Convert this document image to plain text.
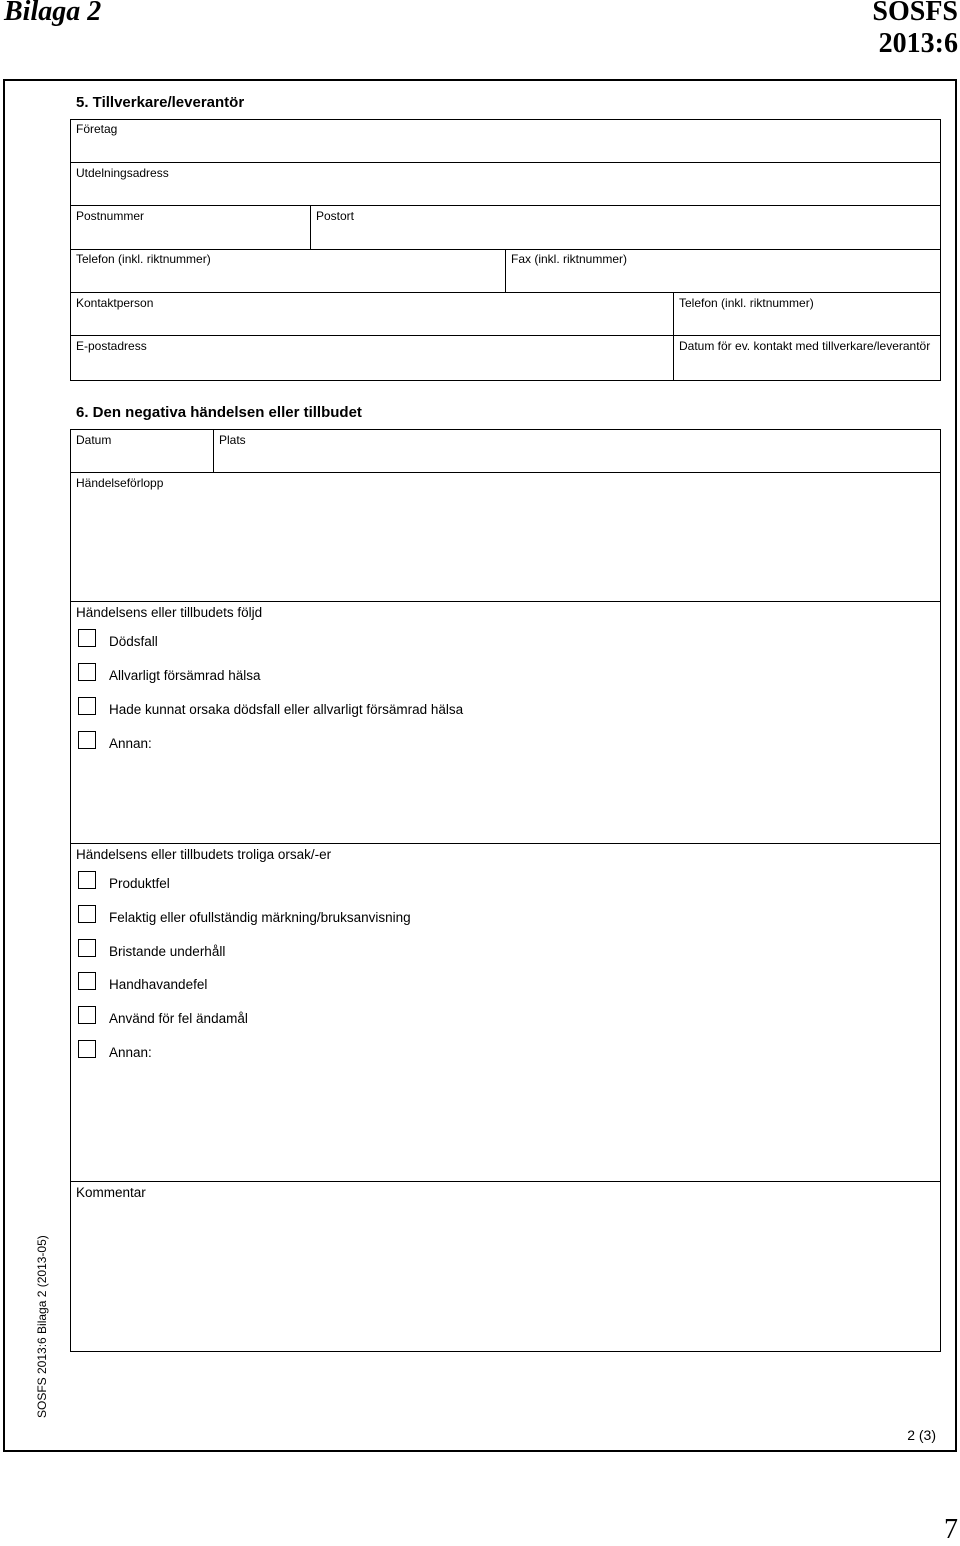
Bilaga 2	SOSFS
2013:6
5. Tillverkare/leverantör
Företag
Utdelningsadress
Postnummer	Postort
Telefon (inkl. riktnummer)	Fax (inkl. riktnummer)
Kontaktperson	Telefon (inkl. riktnummer)
E-postadress	Datum för ev. kontakt med tillverkare/leverantör
6. Den negativa händelsen eller tillbudet
Datum	Plats
Händelseförlopp
Händelsens eller tillbudets följd
Dödsfall
Allvarligt försämrad hälsa
Hade kunnat orsaka dödsfall eller allvarligt försämrad hälsa
Annan:
Händelsens eller tillbudets troliga orsak/-er
Produktfel
Felaktig eller ofullständig märkning/bruksanvisning
Bristande underhåll
Handhavandefel
Använd för fel ändamål
Annan:
Kommentar
SOSFS 2013:6 Bilaga 2 (2013-05)
2 (3)
7
